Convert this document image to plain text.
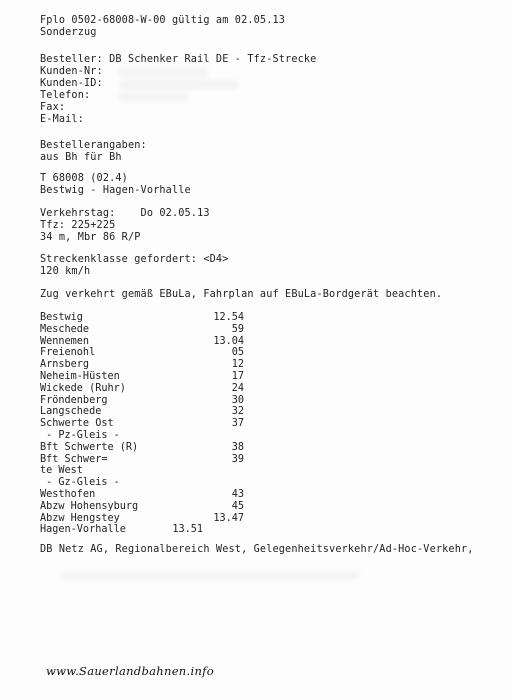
Fplo 0502-68008-W-00 gültig am 02.05.13
Sonderzug
Besteller: DB Schenker Rail DE - Tfz-Strecke
Kunden-Nr:
Kunden-ID:
Telefon:
Fax:
E-Mail:
Bestellerangaben:
aus Bh für Bh
T 68008 (02.4)
Bestwig - Hagen-Vorhalle
Verkehrstag:    Do 02.05.13
Tfz: 225+225
34 m, Mbr 86 R/P
Streckenklasse gefordert: <D4>
120 km/h
Zug verkehrt gemäß EBuLa, Fahrplan auf EBuLa-Bordgerät beachten.
Bestwig	12.54
Meschede	59
Wennemen	13.04
Freienohl	05
Arnsberg	12
Neheim-Hüsten	17
Wickede (Ruhr)	24
Fröndenberg	30
Langschede	32
Schwerte Ost	37
- Pz-Gleis -
Bft Schwerte (R)	38
Bft Schwer=	39
te West
- Gz-Gleis -
Westhofen	43
Abzw Hohensyburg	45
Abzw Hengstey	13.47
Hagen-Vorhalle	13.51
DB Netz AG, Regionalbereich West, Gelegenheitsverkehr/Ad-Hoc-Verkehr,
www.Sauerlandbahnen.info
